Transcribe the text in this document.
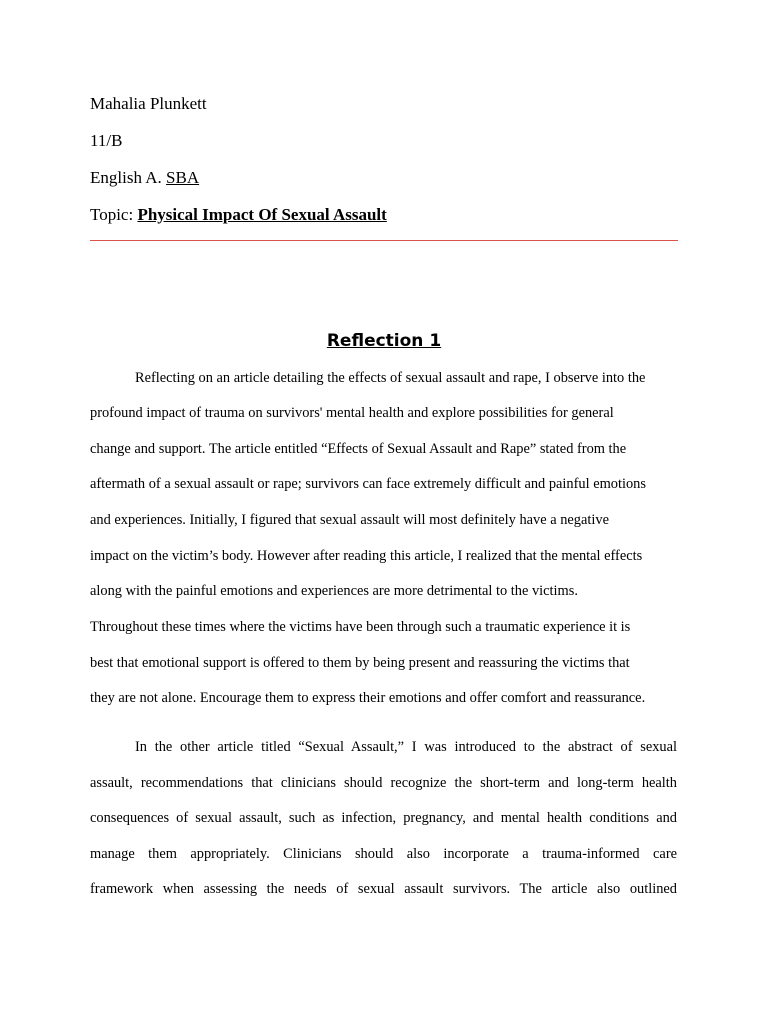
Mahalia Plunkett
11/B
English A. SBA
Topic: Physical Impact Of Sexual Assault
Reflection 1
Reflecting on an article detailing the effects of sexual assault and rape, I observe into the
profound impact of trauma on survivors' mental health and explore possibilities for general
change and support. The article entitled “Effects of Sexual Assault and Rape” stated from the
aftermath of a sexual assault or rape; survivors can face extremely difficult and painful emotions
and experiences. Initially, I figured that sexual assault will most definitely have a negative
impact on the victim’s body. However after reading this article, I realized that the mental effects
along with the painful emotions and experiences are more detrimental to the victims.
Throughout these times where the victims have been through such a traumatic experience it is
best that emotional support is offered to them by being present and reassuring the victims that
they are not alone. Encourage them to express their emotions and offer comfort and reassurance.
In the other article titled “Sexual Assault,” I was introduced to the abstract of sexual
assault, recommendations that clinicians should recognize the short-term and long-term health
consequences of sexual assault, such as infection, pregnancy, and mental health conditions and
manage them appropriately. Clinicians should also incorporate a trauma-informed care
framework when assessing the needs of sexual assault survivors. The article also outlined
